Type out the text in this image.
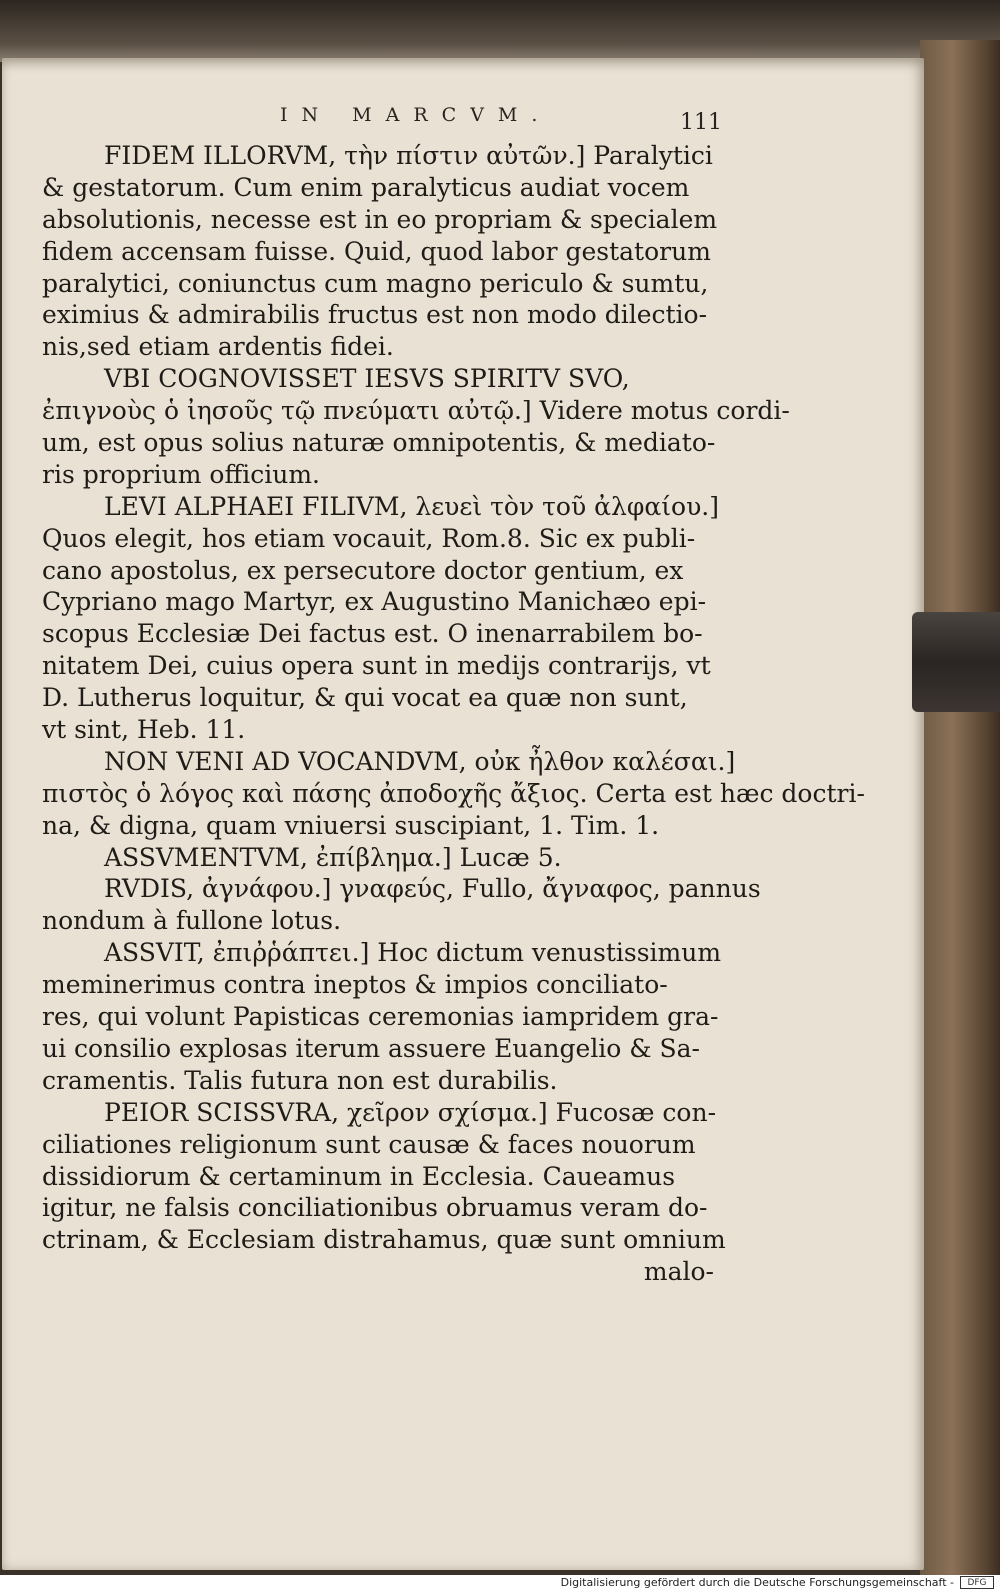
IN MARCVM.	111
FIDEM ILLORVM, τὴν πίστιν αὐτῶν.] Paralytici
& gestatorum. Cum enim paralyticus audiat vocem
absolutionis, necesse est in eo propriam & specialem
fidem accensam fuisse. Quid, quod labor gestatorum
paralytici, coniunctus cum magno periculo & sumtu,
eximius & admirabilis fructus est non modo dilectio-
nis,sed etiam ardentis fidei.
VBI COGNOVISSET IESVS SPIRITV SVO,
ἐπιγνοὺς ὁ ἰησοῦς τῷ πνεύματι αὐτῷ.] Videre motus cordi-
um, est opus solius naturæ omnipotentis, & mediato-
ris proprium officium.
LEVI ALPHAEI FILIVM, λευεὶ τὸν τοῦ ἀλφαίου.]
Quos elegit, hos etiam vocauit, Rom.8. Sic ex publi-
cano apostolus, ex persecutore doctor gentium, ex
Cypriano mago Martyr, ex Augustino Manichæo epi-
scopus Ecclesiæ Dei factus est. O inenarrabilem bo-
nitatem Dei, cuius opera sunt in medijs contrarijs, vt
D. Lutherus loquitur, & qui vocat ea quæ non sunt,
vt sint, Heb. 11.
NON VENI AD VOCANDVM, οὐκ ἦλθον καλέσαι.]
πιστὸς ὁ λόγος καὶ πάσης ἀποδοχῆς ἄξιος. Certa est hæc doctri-
na, & digna, quam vniuersi suscipiant, 1. Tim. 1.
ASSVMENTVM, ἐπίβλημα.] Lucæ 5.
RVDIS, ἀγνάφου.] γναφεύς, Fullo, ἄγναφος, pannus
nondum à fullone lotus.
ASSVIT, ἐπιῤῥάπτει.] Hoc dictum venustissimum
meminerimus contra ineptos & impios conciliato-
res, qui volunt Papisticas ceremonias iampridem gra-
ui consilio explosas iterum assuere Euangelio & Sa-
cramentis. Talis futura non est durabilis.
PEIOR SCISSVRA, χεῖρον σχίσμα.] Fucosæ con-
ciliationes religionum sunt causæ & faces nouorum
dissidiorum & certaminum in Ecclesia. Caueamus
igitur, ne falsis conciliationibus obruamus veram do-
ctrinam, & Ecclesiam distrahamus, quæ sunt omnium
malo-
Digitalisierung gefördert durch die Deutsche Forschungsgemeinschaft -	DFG
